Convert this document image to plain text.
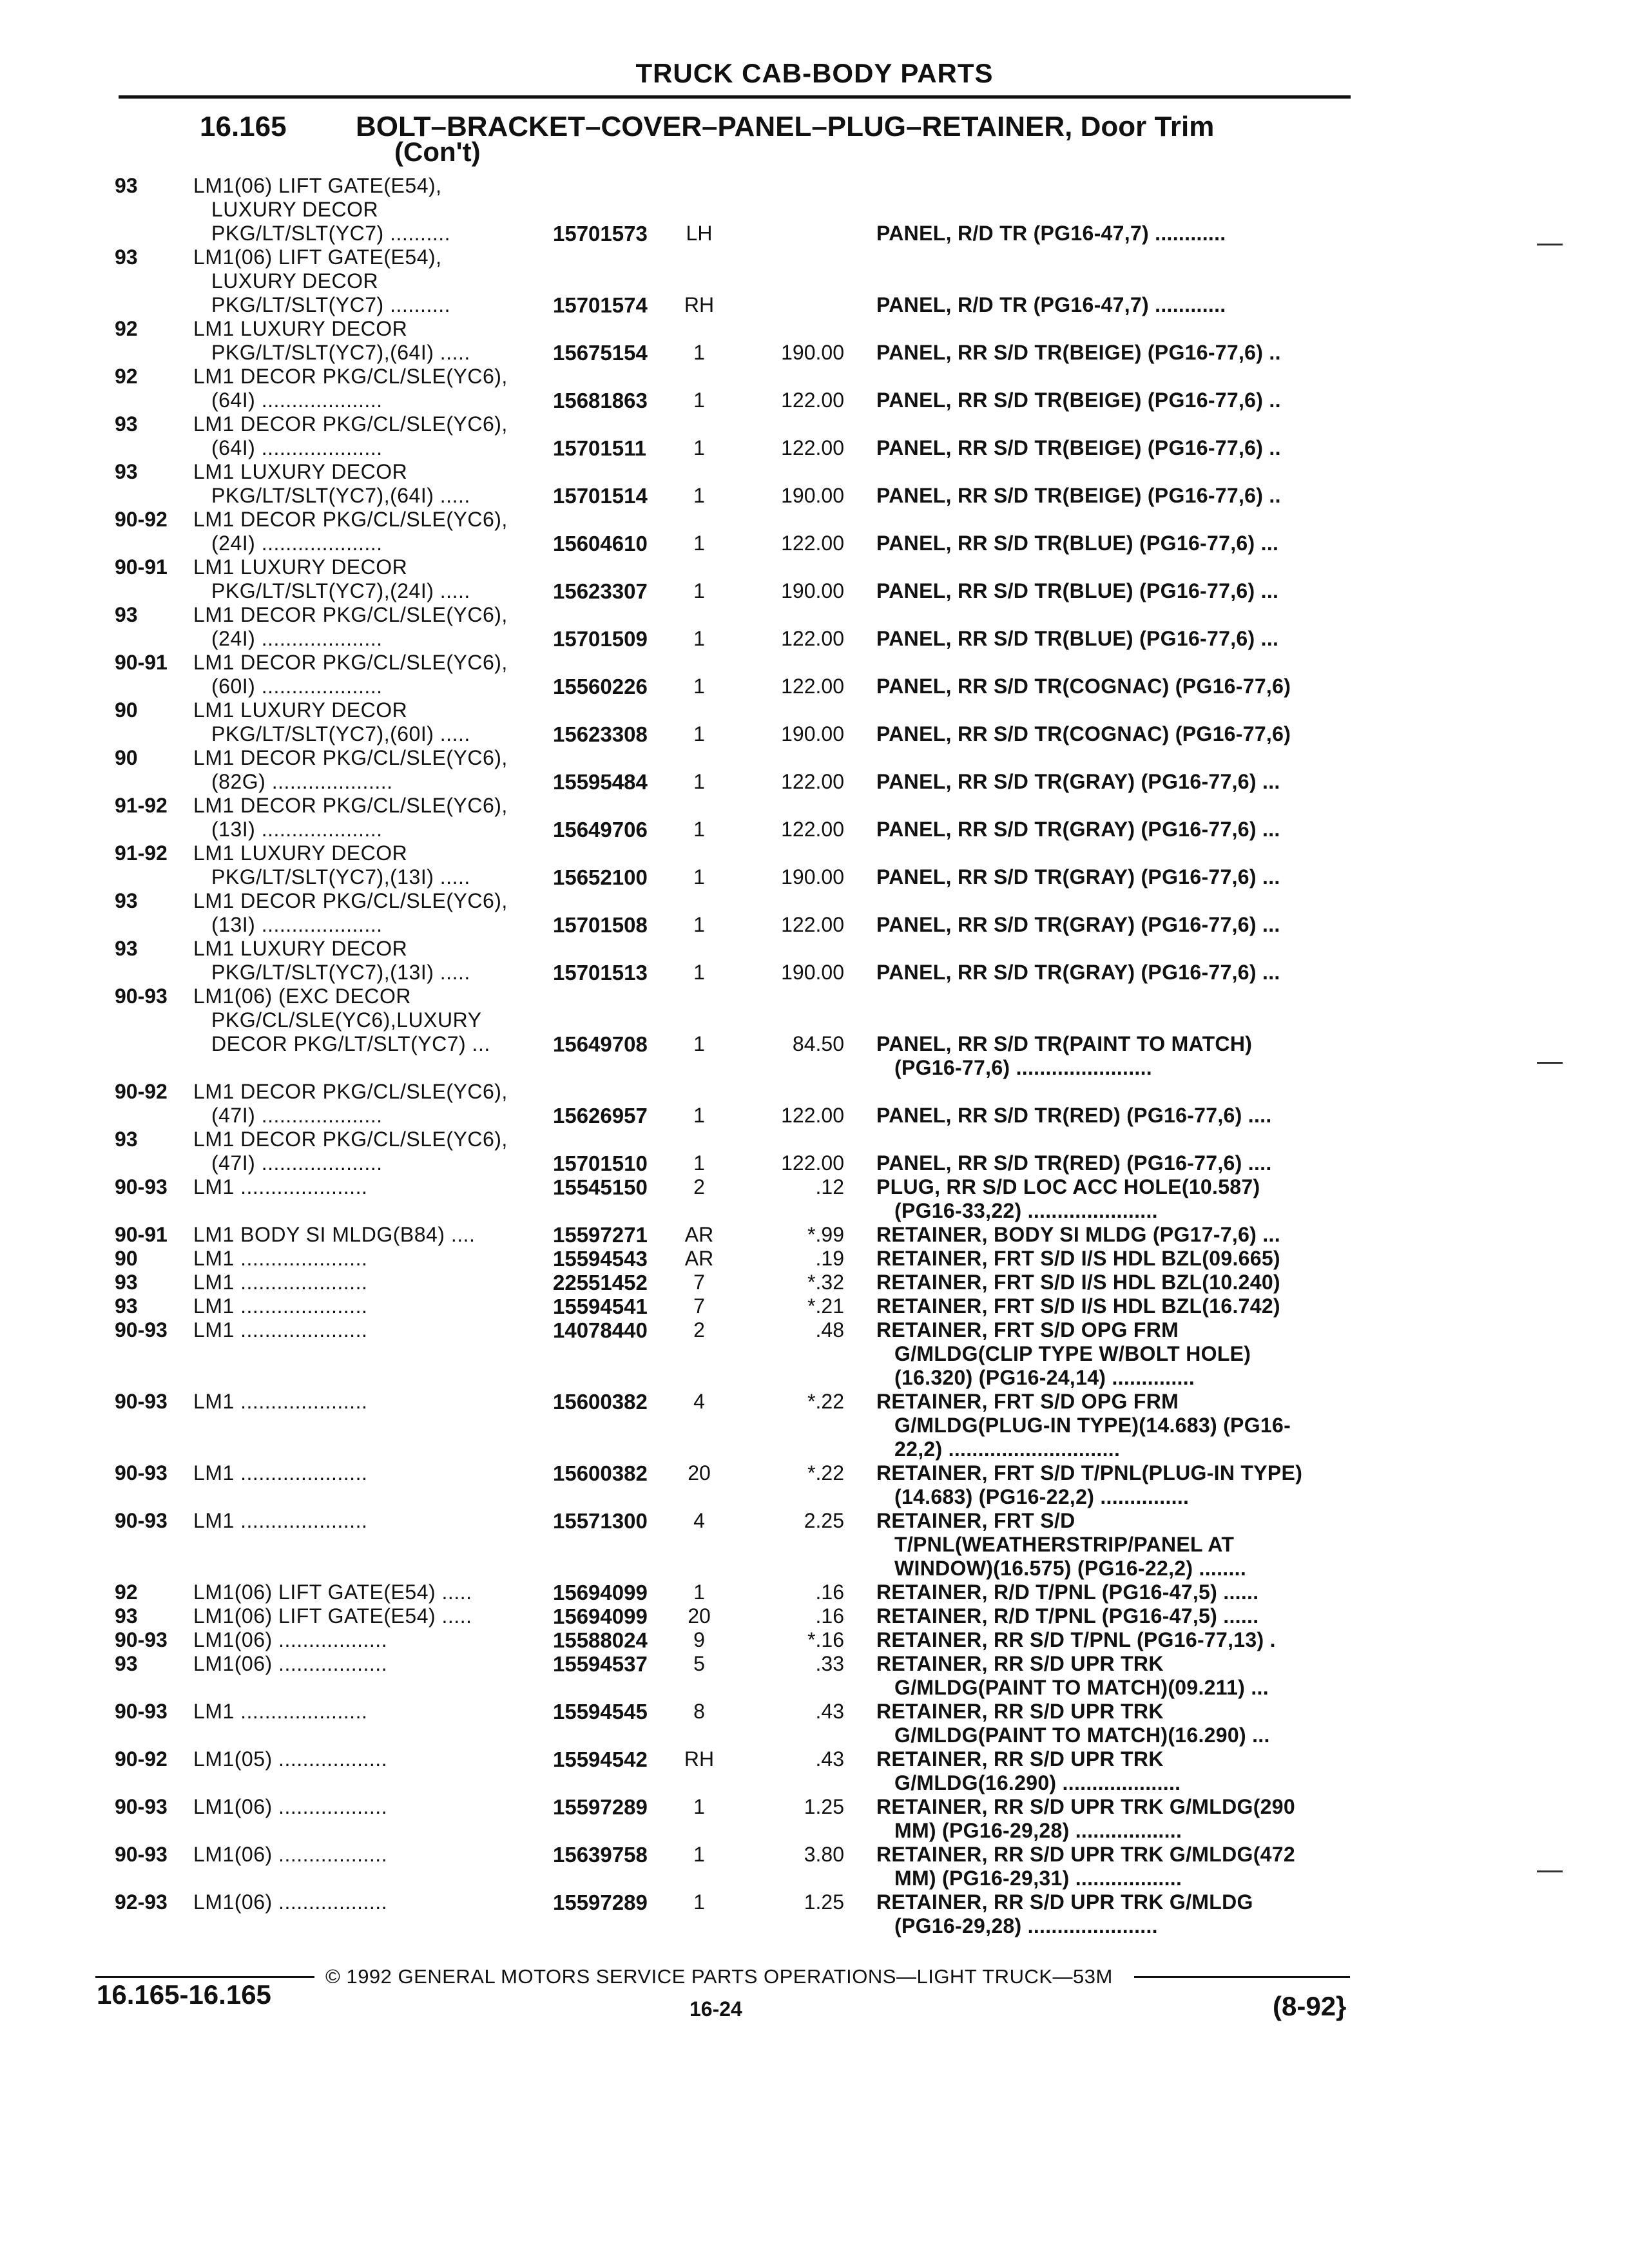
TRUCK CAB-BODY PARTS
16.165 BOLT–BRACKET–COVER–PANEL–PLUG–RETAINER, Door Trim
(Con't)
93	LM1(06) LIFT GATE(E54),
LUXURY DECOR
PKG/LT/SLT(YC7) ..........	15701573 LH	PANEL, R/D TR (PG16-47,7) ............
93	LM1(06) LIFT GATE(E54),
LUXURY DECOR
PKG/LT/SLT(YC7) ..........	15701574 RH	PANEL, R/D TR (PG16-47,7) ............
92	LM1 LUXURY DECOR
PKG/LT/SLT(YC7),(64I) .....	15675154	1	190.00 PANEL, RR S/D TR(BEIGE) (PG16-77,6) ..
92	LM1 DECOR PKG/CL/SLE(YC6),
(64I) ....................	15681863	1	122.00 PANEL, RR S/D TR(BEIGE) (PG16-77,6) ..
93	LM1 DECOR PKG/CL/SLE(YC6),
(64I) ....................	15701511	1	122.00 PANEL, RR S/D TR(BEIGE) (PG16-77,6) ..
93	LM1 LUXURY DECOR
PKG/LT/SLT(YC7),(64I) .....	15701514	1	190.00 PANEL, RR S/D TR(BEIGE) (PG16-77,6) ..
90-92 LM1 DECOR PKG/CL/SLE(YC6),
(24I) ....................	15604610	1	122.00 PANEL, RR S/D TR(BLUE) (PG16-77,6) ...
90-91 LM1 LUXURY DECOR
PKG/LT/SLT(YC7),(24I) .....	15623307	1	190.00 PANEL, RR S/D TR(BLUE) (PG16-77,6) ...
93	LM1 DECOR PKG/CL/SLE(YC6),
(24I) ....................	15701509	1	122.00 PANEL, RR S/D TR(BLUE) (PG16-77,6) ...
90-91 LM1 DECOR PKG/CL/SLE(YC6),
(60I) ....................	15560226	1	122.00 PANEL, RR S/D TR(COGNAC) (PG16-77,6)
90	LM1 LUXURY DECOR
PKG/LT/SLT(YC7),(60I) .....	15623308	1	190.00 PANEL, RR S/D TR(COGNAC) (PG16-77,6)
90	LM1 DECOR PKG/CL/SLE(YC6),
(82G) ....................	15595484	1	122.00 PANEL, RR S/D TR(GRAY) (PG16-77,6) ...
91-92 LM1 DECOR PKG/CL/SLE(YC6),
(13I) ....................	15649706	1	122.00 PANEL, RR S/D TR(GRAY) (PG16-77,6) ...
91-92 LM1 LUXURY DECOR
PKG/LT/SLT(YC7),(13I) .....	15652100	1	190.00 PANEL, RR S/D TR(GRAY) (PG16-77,6) ...
93	LM1 DECOR PKG/CL/SLE(YC6),
(13I) ....................	15701508	1	122.00 PANEL, RR S/D TR(GRAY) (PG16-77,6) ...
93	LM1 LUXURY DECOR
PKG/LT/SLT(YC7),(13I) .....	15701513	1	190.00 PANEL, RR S/D TR(GRAY) (PG16-77,6) ...
90-93 LM1(06) (EXC DECOR
PKG/CL/SLE(YC6),LUXURY
DECOR PKG/LT/SLT(YC7) ...	15649708	1	84.50 PANEL, RR S/D TR(PAINT TO MATCH)
(PG16-77,6) .......................
90-92 LM1 DECOR PKG/CL/SLE(YC6),
(47I) ....................	15626957	1	122.00 PANEL, RR S/D TR(RED) (PG16-77,6) ....
93	LM1 DECOR PKG/CL/SLE(YC6),
(47I) ....................	15701510	1	122.00 PANEL, RR S/D TR(RED) (PG16-77,6) ....
90-93 LM1 .....................	15545150	2	.12 PLUG, RR S/D LOC ACC HOLE(10.587)
(PG16-33,22) ......................
90-91 LM1 BODY SI MLDG(B84) ....	15597271 AR	*.99 RETAINER, BODY SI MLDG (PG17-7,6) ...
90	LM1 .....................	15594543 AR	.19 RETAINER, FRT S/D I/S HDL BZL(09.665)
93	LM1 .....................	22551452	7	*.32 RETAINER, FRT S/D I/S HDL BZL(10.240)
93	LM1 .....................	15594541	7	*.21 RETAINER, FRT S/D I/S HDL BZL(16.742)
90-93 LM1 .....................	14078440	2	.48 RETAINER, FRT S/D OPG FRM
G/MLDG(CLIP TYPE W/BOLT HOLE)
(16.320) (PG16-24,14) ..............
90-93 LM1 .....................	15600382	4	*.22 RETAINER, FRT S/D OPG FRM
G/MLDG(PLUG-IN TYPE)(14.683) (PG16-
22,2) .............................
90-93 LM1 .....................	15600382 20	*.22 RETAINER, FRT S/D T/PNL(PLUG-IN TYPE)
(14.683) (PG16-22,2) ...............
90-93 LM1 .....................	15571300	4	2.25 RETAINER, FRT S/D
T/PNL(WEATHERSTRIP/PANEL AT
WINDOW)(16.575) (PG16-22,2) ........
92	LM1(06) LIFT GATE(E54) .....	15694099	1	.16 RETAINER, R/D T/PNL (PG16-47,5) ......
93	LM1(06) LIFT GATE(E54) .....	15694099 20	.16 RETAINER, R/D T/PNL (PG16-47,5) ......
90-93 LM1(06) ..................	15588024	9	*.16 RETAINER, RR S/D T/PNL (PG16-77,13) .
93	LM1(06) ..................	15594537	5	.33 RETAINER, RR S/D UPR TRK
G/MLDG(PAINT TO MATCH)(09.211) ...
90-93 LM1 .....................	15594545	8	.43 RETAINER, RR S/D UPR TRK
G/MLDG(PAINT TO MATCH)(16.290) ...
90-92 LM1(05) ..................	15594542 RH	.43 RETAINER, RR S/D UPR TRK
G/MLDG(16.290) ....................
90-93 LM1(06) ..................	15597289	1	1.25 RETAINER, RR S/D UPR TRK G/MLDG(290
MM) (PG16-29,28) ..................
90-93 LM1(06) ..................	15639758	1	3.80 RETAINER, RR S/D UPR TRK G/MLDG(472
MM) (PG16-29,31) ..................
92-93 LM1(06) ..................	15597289	1	1.25 RETAINER, RR S/D UPR TRK G/MLDG
(PG16-29,28) ......................
© 1992 GENERAL MOTORS SERVICE PARTS OPERATIONS—LIGHT TRUCK—53M
16.165-16.165	16-24	(8-92}
